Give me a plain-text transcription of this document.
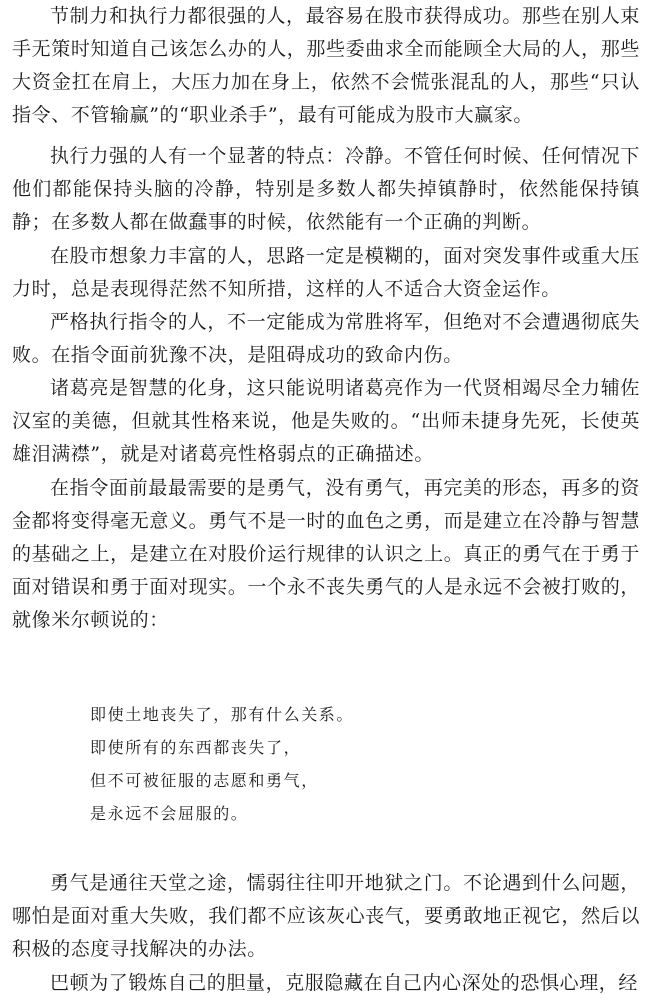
节制力和执行力都很强的人，最容易在股市获得成功。那些在别人束手无策时知道自己该怎么办的人，那些委曲求全而能顾全大局的人，那些大资金扛在肩上，大压力加在身上，依然不会慌张混乱的人，那些“只认指令、不管输赢”的“职业杀手”，最有可能成为股市大赢家。

执行力强的人有一个显著的特点：冷静。不管任何时候、任何情况下他们都能保持头脑的冷静，特别是多数人都失掉镇静时，依然能保持镇静；在多数人都在做蠢事的时候，依然能有一个正确的判断。

在股市想象力丰富的人，思路一定是模糊的，面对突发事件或重大压力时，总是表现得茫然不知所措，这样的人不适合大资金运作。

严格执行指令的人，不一定能成为常胜将军，但绝对不会遭遇彻底失败。在指令面前犹豫不决，是阻碍成功的致命内伤。

诸葛亮是智慧的化身，这只能说明诸葛亮作为一代贤相竭尽全力辅佐汉室的美德，但就其性格来说，他是失败的。“出师未捷身先死，长使英雄泪满襟”，就是对诸葛亮性格弱点的正确描述。

在指令面前最最需要的是勇气，没有勇气，再完美的形态，再多的资金都将变得毫无意义。勇气不是一时的血色之勇，而是建立在冷静与智慧的基础之上，是建立在对股价运行规律的认识之上。真正的勇气在于勇于面对错误和勇于面对现实。一个永不丧失勇气的人是永远不会被打败的，就像米尔顿说的：

即使土地丧失了，那有什么关系。
即使所有的东西都丧失了，
但不可被征服的志愿和勇气，
是永远不会屈服的。

勇气是通往天堂之途，懦弱往往叩开地狱之门。不论遇到什么问题，哪怕是面对重大失败，我们都不应该灰心丧气，要勇敢地正视它，然后以积极的态度寻找解决的办法。

巴顿为了锻炼自己的胆量，克服隐藏在自己内心深处的恐惧心理，经
